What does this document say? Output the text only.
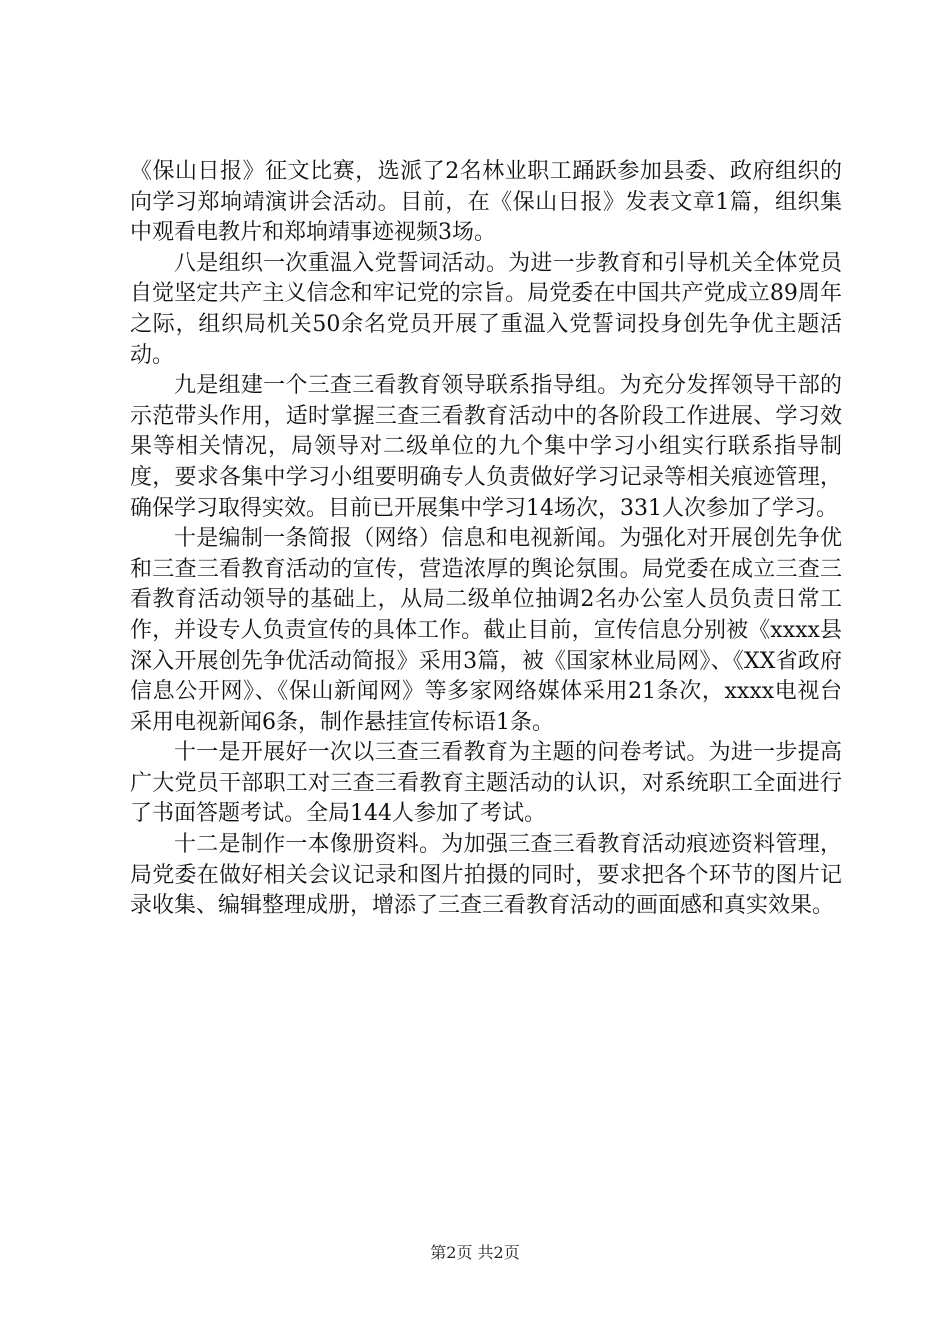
《保山日报》征文比赛，选派了2名林业职工踊跃参加县委、政府组织的向学习郑垧靖演讲会活动。目前，在《保山日报》发表文章1篇，组织集中观看电教片和郑垧靖事迹视频3场。

八是组织一次重温入党誓词活动。为进一步教育和引导机关全体党员自觉坚定共产主义信念和牢记党的宗旨。局党委在中国共产党成立89周年之际，组织局机关50余名党员开展了重温入党誓词投身创先争优主题活动。

九是组建一个三查三看教育领导联系指导组。为充分发挥领导干部的示范带头作用，适时掌握三查三看教育活动中的各阶段工作进展、学习效果等相关情况，局领导对二级单位的九个集中学习小组实行联系指导制度，要求各集中学习小组要明确专人负责做好学习记录等相关痕迹管理，确保学习取得实效。目前已开展集中学习14场次，331人次参加了学习。

十是编制一条简报（网络）信息和电视新闻。为强化对开展创先争优和三查三看教育活动的宣传，营造浓厚的舆论氛围。局党委在成立三查三看教育活动领导的基础上，从局二级单位抽调2名办公室人员负责日常工作，并设专人负责宣传的具体工作。截止目前，宣传信息分别被《xxxx县深入开展创先争优活动简报》采用3篇，被《国家林业局网》、《XX省政府信息公开网》、《保山新闻网》等多家网络媒体采用21条次，xxxx电视台采用电视新闻6条，制作悬挂宣传标语1条。

十一是开展好一次以三查三看教育为主题的问卷考试。为进一步提高广大党员干部职工对三查三看教育主题活动的认识，对系统职工全面进行了书面答题考试。全局144人参加了考试。

十二是制作一本像册资料。为加强三查三看教育活动痕迹资料管理，局党委在做好相关会议记录和图片拍摄的同时，要求把各个环节的图片记录收集、编辑整理成册，增添了三查三看教育活动的画面感和真实效果。

第2页 共2页
